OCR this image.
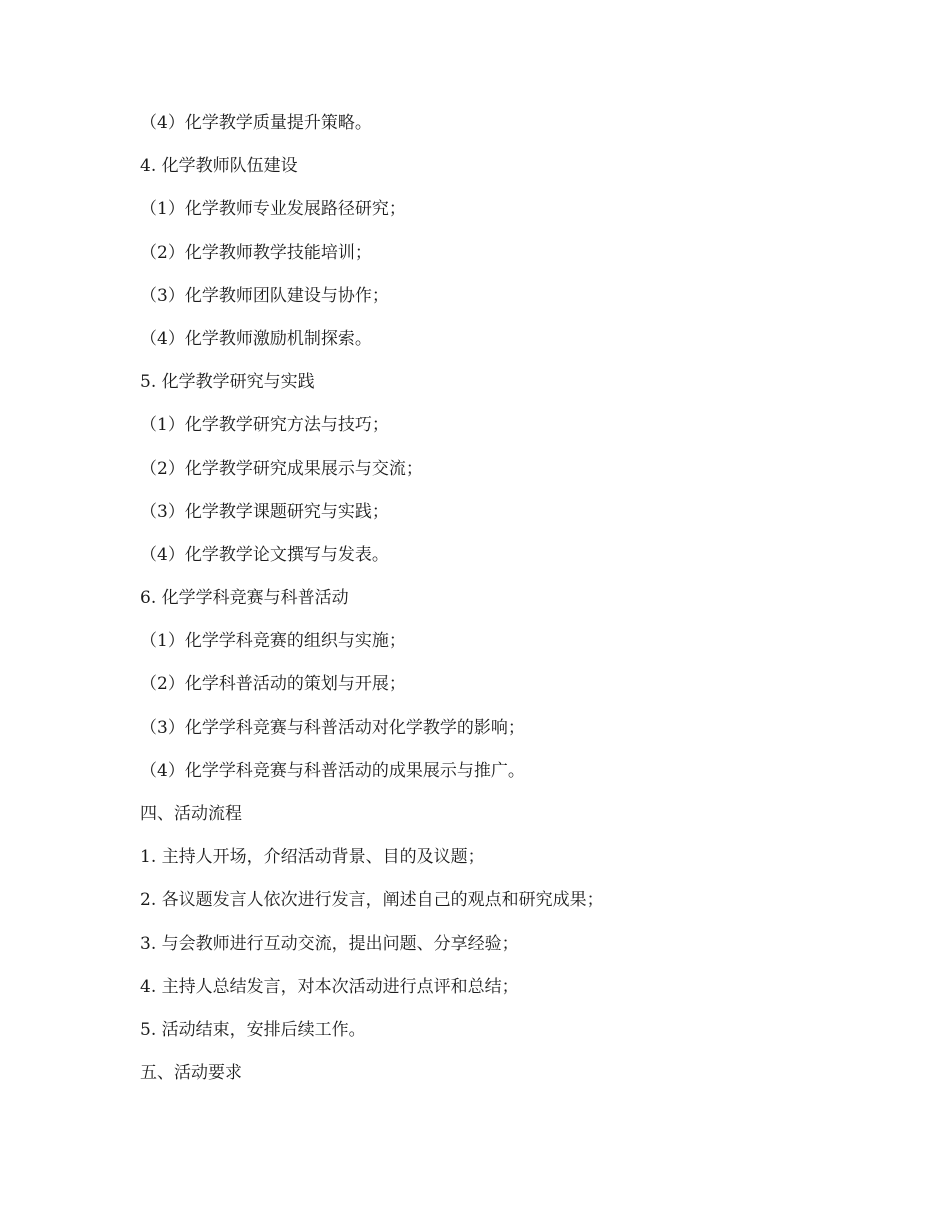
（4）化学教学质量提升策略。
4. 化学教师队伍建设
（1）化学教师专业发展路径研究；
（2）化学教师教学技能培训；
（3）化学教师团队建设与协作；
（4）化学教师激励机制探索。
5. 化学教学研究与实践
（1）化学教学研究方法与技巧；
（2）化学教学研究成果展示与交流；
（3）化学教学课题研究与实践；
（4）化学教学论文撰写与发表。
6. 化学学科竞赛与科普活动
（1）化学学科竞赛的组织与实施；
（2）化学科普活动的策划与开展；
（3）化学学科竞赛与科普活动对化学教学的影响；
（4）化学学科竞赛与科普活动的成果展示与推广。
四、活动流程
1. 主持人开场，介绍活动背景、目的及议题；
2. 各议题发言人依次进行发言，阐述自己的观点和研究成果；
3. 与会教师进行互动交流，提出问题、分享经验；
4. 主持人总结发言，对本次活动进行点评和总结；
5. 活动结束，安排后续工作。
五、活动要求
